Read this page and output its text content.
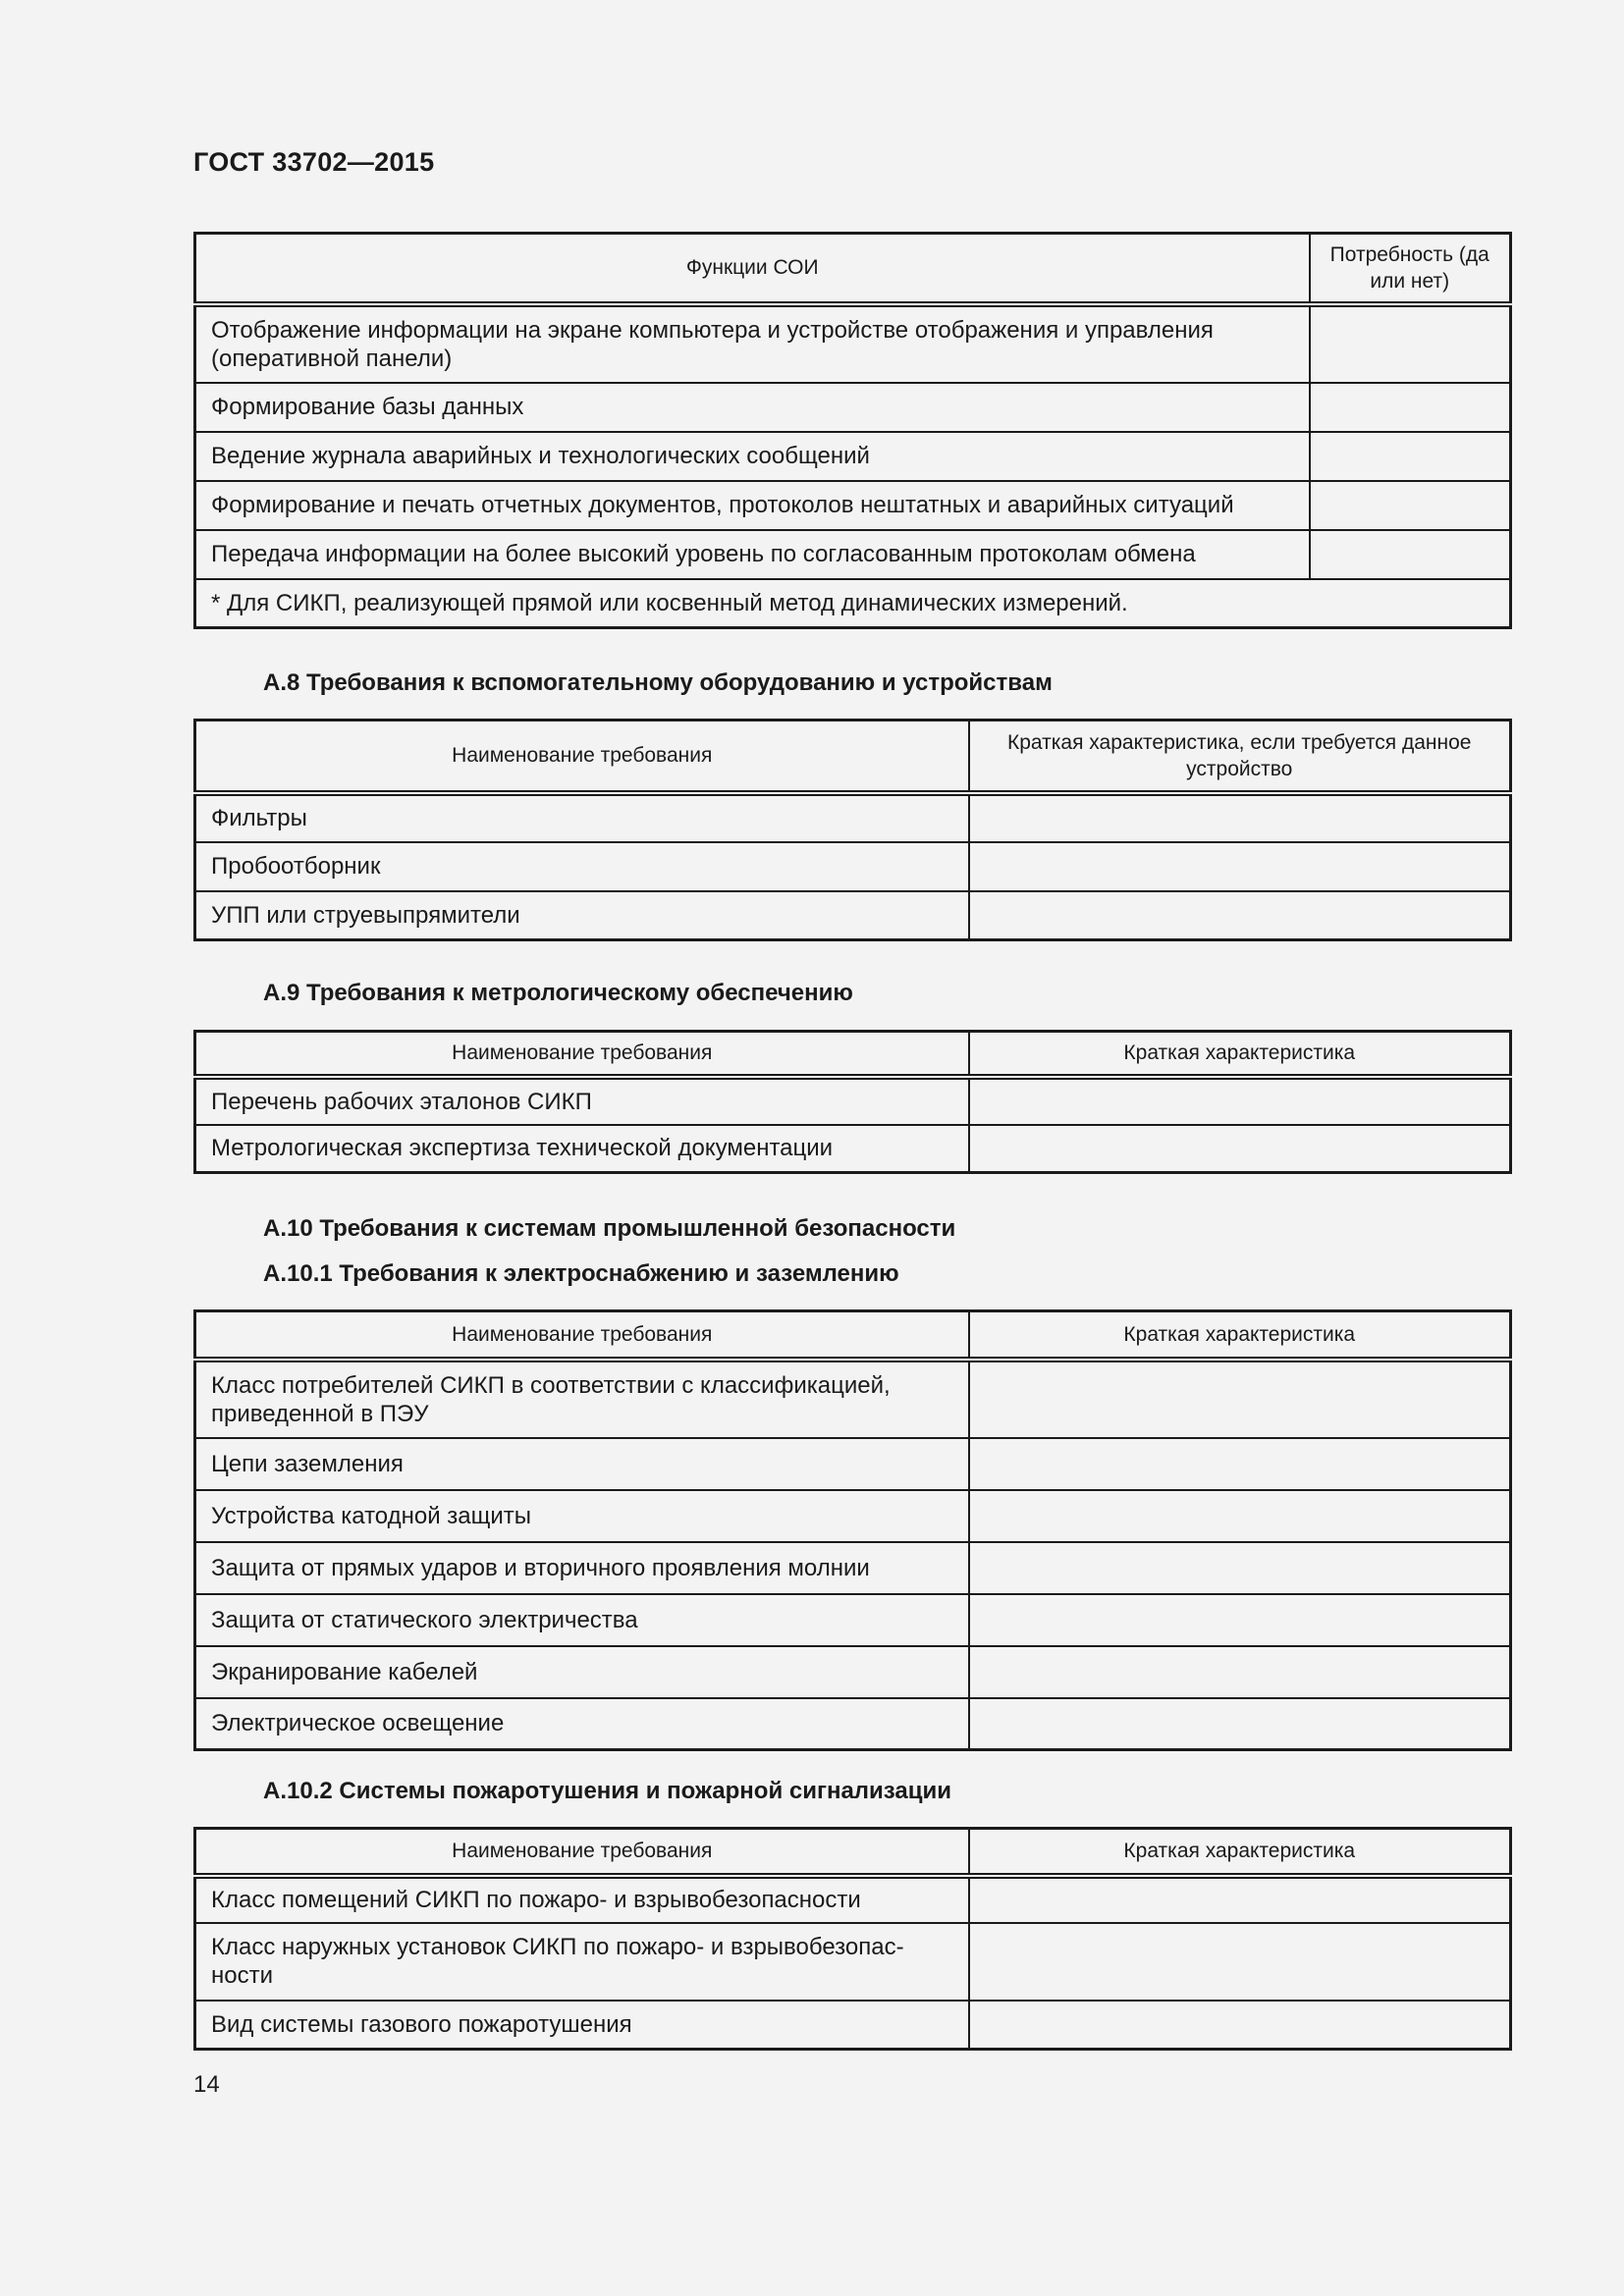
ГОСТ 33702—2015
Функции СОИ	Потребность (да или нет)
Отображение информации на экране компьютера и устройстве отображения и управления (оперативной панели)	
Формирование базы данных	
Ведение журнала аварийных и технологических сообщений	
Формирование и печать отчетных документов, протоколов нештатных и аварийных ситуаций	
Передача информации на более высокий уровень по согласованным протоколам обмена	
* Для СИКП, реализующей прямой или косвенный метод динамических измерений.	
А.8 Требования к вспомогательному оборудованию и устройствам
Наименование требования	Краткая характеристика, если требуется данное устройство
Фильтры	
Пробоотборник	
УПП или струевыпрямители	
А.9 Требования к метрологическому обеспечению
Наименование требования	Краткая характеристика
Перечень рабочих эталонов СИКП	
Метрологическая экспертиза технической документации	
А.10 Требования к системам промышленной безопасности
А.10.1 Требования к электроснабжению и заземлению
Наименование требования	Краткая характеристика
Класс потребителей СИКП в соответствии с классификацией, приведенной в ПЭУ	
Цепи заземления	
Устройства катодной защиты	
Защита от прямых ударов и вторичного проявления молнии	
Защита от статического электричества	
Экранирование кабелей	
Электрическое освещение	
А.10.2 Системы пожаротушения и пожарной сигнализации
Наименование требования	Краткая характеристика
Класс помещений СИКП по пожаро- и взрывобезопасности	
Класс наружных установок СИКП по пожаро- и взрывобезопасности	
Вид системы газового пожаротушения	
14
